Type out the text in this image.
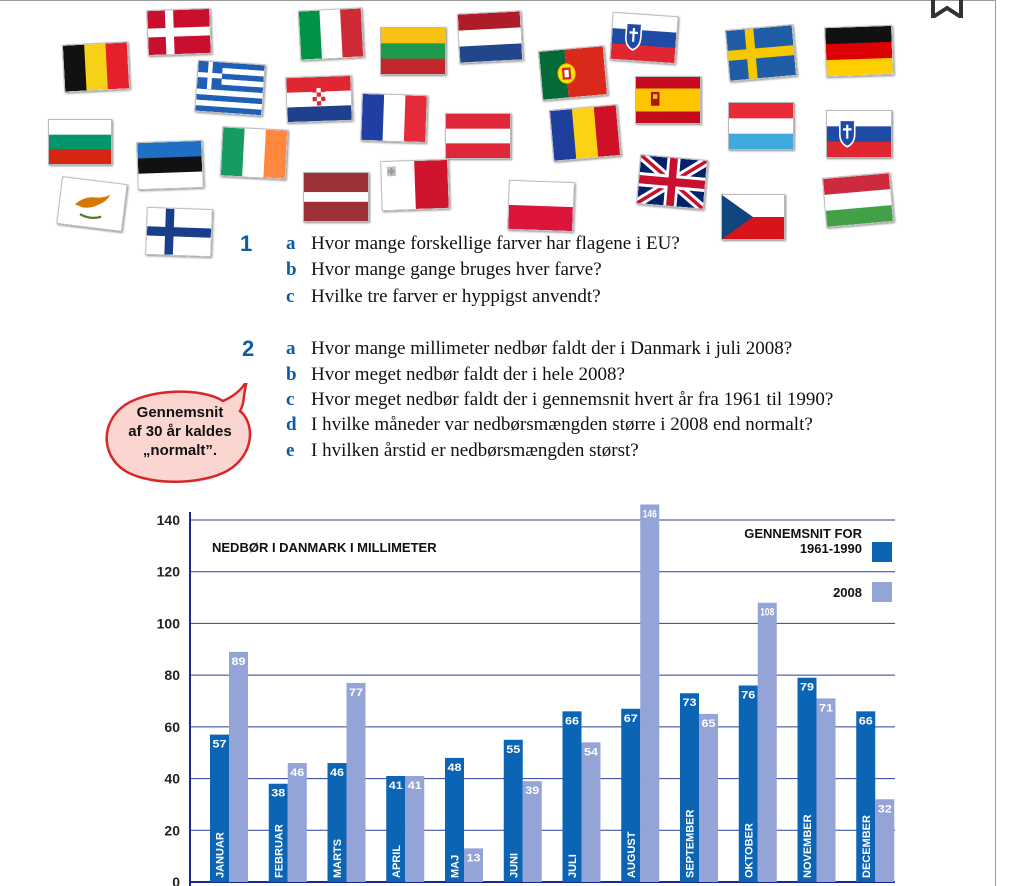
1 a Hvor mange forskellige farver har flagene i EU?
b Hvor mange gange bruges hver farve?
c Hvilke tre farver er hyppigst anvendt?
2 a Hvor mange millimeter nedbør faldt der i Danmark i juli 2008?
b Hvor meget nedbør faldt der i hele 2008?
c Hvor meget nedbør faldt der i gennemsnit hvert år fra 1961 til 1990?
d I hvilke måneder var nedbørsmængden større i 2008 end normalt?
e I hvilken årstid er nedbørsmængden størst?
Gennemsnit
af 30 år kaldes
„normalt”.
0
20
40
60
80
100
120
140
NEDBØR I DANMARK I MILLIMETER
57
89
JANUAR
38
46
FEBRUAR
46
77
MARTS
41 41
APRIL
48
13
MAJ
55
39
JUNI
66
54
JULI
67
146
AUGUST
73
65
SEPTEMBER
76
108
OKTOBER
79
71
NOVEMBER
66
32
DECEMBER
GENNEMSNIT FOR
1961-1990
2008
